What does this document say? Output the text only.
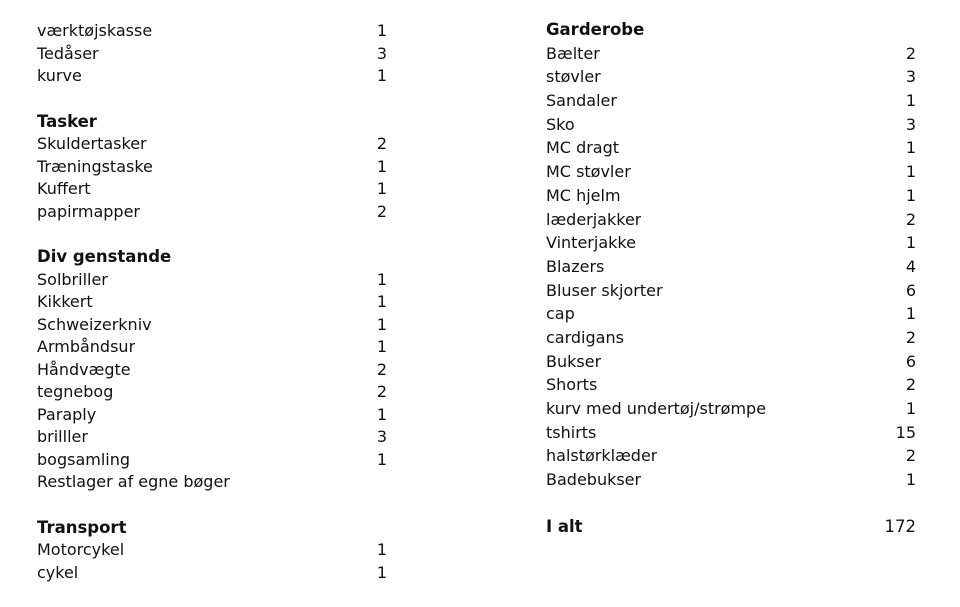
værktøjskasse	1
Tedåser	3
kurve	1
Tasker
Skuldertasker	2
Træningstaske	1
Kuffert	1
papirmapper	2
Div genstande
Solbriller	1
Kikkert	1
Schweizerkniv	1
Armbåndsur	1
Håndvægte	2
tegnebog	2
Paraply	1
brilller	3
bogsamling	1
Restlager af egne bøger
Transport
Motorcykel	1
cykel	1
Garderobe
Bælter	2
støvler	3
Sandaler	1
Sko	3
MC dragt	1
MC støvler	1
MC hjelm	1
læderjakker	2
Vinterjakke	1
Blazers	4
Bluser skjorter	6
cap	1
cardigans	2
Bukser	6
Shorts	2
kurv med undertøj/strømpe	1
tshirts	15
halstørklæder	2
Badebukser	1
I alt	172
